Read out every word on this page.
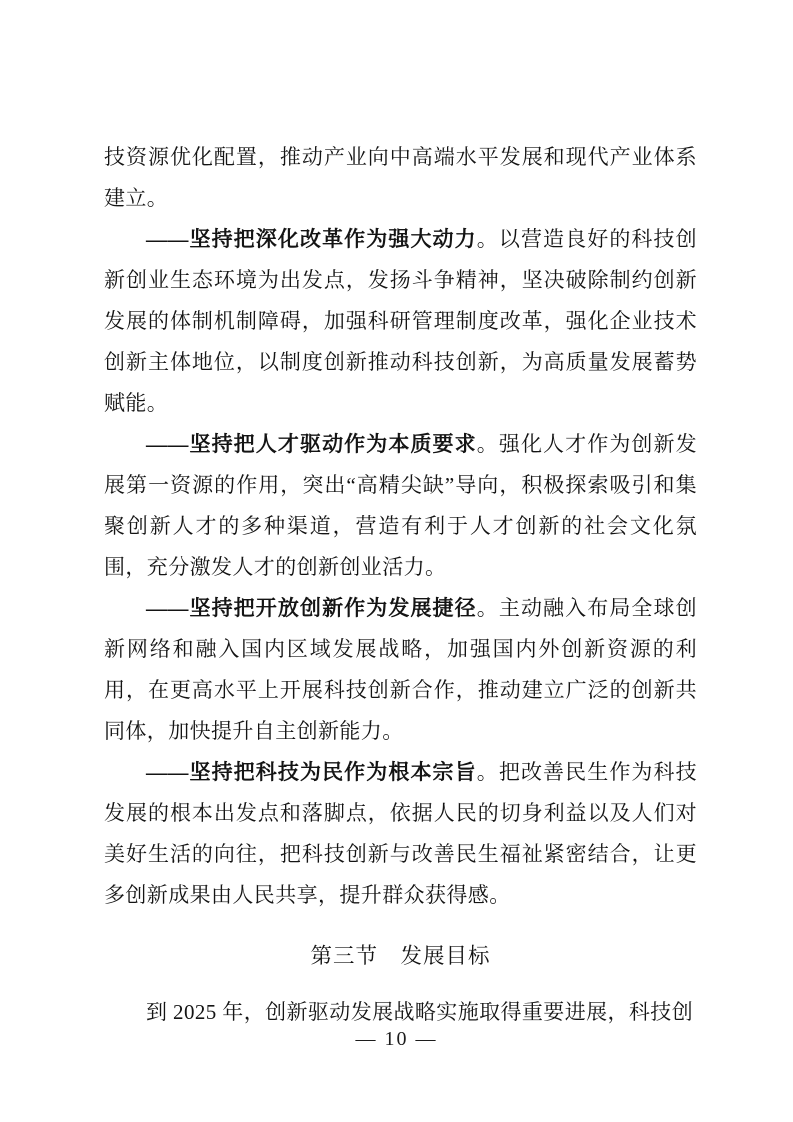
技资源优化配置，推动产业向中高端水平发展和现代产业体系建立。

——坚持把深化改革作为强大动力。以营造良好的科技创新创业生态环境为出发点，发扬斗争精神，坚决破除制约创新发展的体制机制障碍，加强科研管理制度改革，强化企业技术创新主体地位，以制度创新推动科技创新，为高质量发展蓄势赋能。

——坚持把人才驱动作为本质要求。强化人才作为创新发展第一资源的作用，突出“高精尖缺”导向，积极探索吸引和集聚创新人才的多种渠道，营造有利于人才创新的社会文化氛围，充分激发人才的创新创业活力。

——坚持把开放创新作为发展捷径。主动融入布局全球创新网络和融入国内区域发展战略，加强国内外创新资源的利用，在更高水平上开展科技创新合作，推动建立广泛的创新共同体，加快提升自主创新能力。

——坚持把科技为民作为根本宗旨。把改善民生作为科技发展的根本出发点和落脚点，依据人民的切身利益以及人们对美好生活的向往，把科技创新与改善民生福祉紧密结合，让更多创新成果由人民共享，提升群众获得感。

第三节　发展目标

到 2025 年，创新驱动发展战略实施取得重要进展，科技创

— 10 —
